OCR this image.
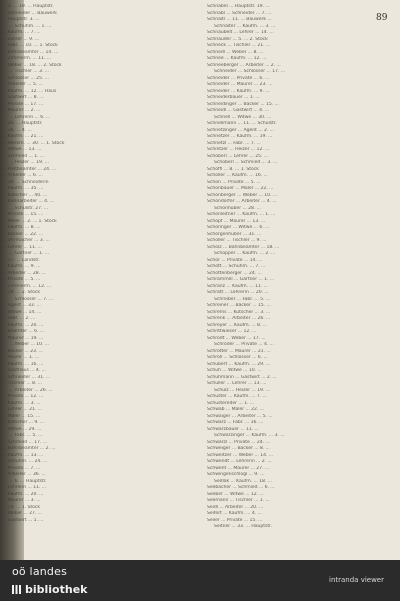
89
... 3. ... 19. ... Hauptstr.
... Schneider ... Bauwerk
... Hauptstr. 3. ...
... Schuhm. ... 1. ...
... Kaufm. ... 7. ...
... Lehrer ... 9. ...
... Fabr. ... 10. ... 1. Stock
... Bahnbeamter ... 14. ...
... Zimmerm. ... 11. ...
... Weber ... 18. ... 2. Stock
... Tischler ... 3. ...
... Schlosser ... 25. ...
... Arbeiter ... 5. ...
... Kaufm. ... 12. ... Haus
... Gastwirt ... 8. ...
... Private ... 17. ...
... Maurer ... 2. ...
... Lehrerin ... 6. ...
... 26. ... Hauptstr.
... 16. ... 4. ...
... Kaufm. ... 21. ...
... Werkm. ... 30. ... 1. Stock
... Witwe ... 13. ...
... Schmied ... 1. ...
... Heizer ... 19. ...
... Postbeamter ... 24. ...
... Arbeiter ... 6. ...
... 34. ... Schneiderin
... Kaufm. ... 35. ...
... Kutscher ... 40. ...
... Bahnarbeiter ... 4. ...
... Schulstr. 27. ...
... Private ... 15. ...
... Maler ... 2. ... 1. Stock
... Kaufm. ... 8. ...
... Bäcker ... 22. ...
... Uhrmacher ... 3. ...
... Lehrer ... 11. ...
... Gärtner ... 1. ...
... 17. ... Landstr.
... Kaufm. ... 9. ...
... Arbeiter ... 28. ...
... Private ... 5. ...
... Zimmerm. ... 12. ...
... 18. ... 2. Stock
... Schlosser ... 7. ...
... Agent ... 33. ...
... Witwe ... 14. ...
... Fabr. ... 2. ...
... Kaufm. ... 20. ...
... Beamter ... 6. ...
... Maurer ... 19. ...
... Weber ... 10. ...
... Bäcker ... 23. ...
... Heizer ... 1. ...
... Kaufm. ... 16. ...
... Gasthaus ... 4. ...
... Schneider ... 31. ...
... Tischler ... 8. ...
... Arbeiter ... 26. ...
... Private ... 12. ...
... Kaufm. ... 3. ...
... Lehrer ... 21. ...
... Maler ... 15. ...
... Kutscher ... 9. ...
... Witwe ... 29. ...
... Fabr. ... 5. ...
... Schmied ... 17. ...
... Bahnbeamter ... 2. ...
... Kaufm. ... 13. ...
... Schuhm. ... 24. ...
... Private ... 7. ...
... Arbeiter ... 36. ...
... 6. ... Hauptstr.
... Lehrerin ... 11. ...
... Kaufm. ... 20. ...
... Maurer ... 3. ...
... 14. ... 1. Stock
... Weber ... 27. ...
... Gastwirt ... 1. ...
Schnabel ... Hauptstr. 19. ...
Schnabl ... Schneider ... 7. ...
Schnaitl ... 11. ... Bauwerk ...
Schnaiter ... Kaufm. ... 3. ...
Schnaubelt ... Lehrer ... 14. ...
Schnauder ... 5. ... 2. Stock
Schneck ... Tischler ... 21. ...
Schnedl ... Weber ... 8. ...
Schnee ... Kaufm. ... 12. ...
Schneeberger ... Arbeiter ... 2. ...
Schneider ... Schlosser ... 17. ...
Schneider ... Private ... 6. ...
Schneider ... Maurer ... 23. ...
Schneider ... Kaufm. ... 9. ...
Schneiderbauer ... 1. ...
Schneidinger ... Bäcker ... 15. ...
Schneidl ... Gastwirt ... 4. ...
Schnell ... Witwe ... 30. ...
Schnellmann ... 11. ... Schulstr.
Schnetzinger ... Agent ... 2. ...
Schnetzer ... Kaufm. ... 19. ...
Schnetzl ... Fabr. ... 7. ...
Schnitzer ... Heizer ... 12. ...
Schöberl ... Lehrer ... 25. ...
Schöberl ... Schmied ... 3. ...
Schöffl ... 8. ... 1. Stock
Schöller ... Kaufm. ... 16. ...
Schön ... Private ... 5. ...
Schönbauer ... Maler ... 22. ...
Schönberger ... Weber ... 10. ...
Schöndorfer ... Arbeiter ... 4. ...
Schönhuber ... 28. ...
Schönleitner ... Kaufm. ... 1. ...
Schöpf ... Maurer ... 13. ...
Schöringer ... Witwe ... 6. ...
Schörgenhuber ... 31. ...
Scholler ... Tischler ... 9. ...
Scholz ... Bahnbeamter ... 18. ...
Schopper ... Kaufm. ... 2. ...
Schor ... Private ... 14. ...
Schott ... Schuhm. ... 7. ...
Schottenberger ... 24. ...
Schrammel ... Gärtner ... 1. ...
Schranz ... Kaufm. ... 11. ...
Schratt ... Lehrerin ... 20. ...
Schreiber ... Fabr. ... 5. ...
Schreiner ... Bäcker ... 15. ...
Schrems ... Kutscher ... 3. ...
Schrenk ... Arbeiter ... 26. ...
Schreyer ... Kaufm. ... 8. ...
Schrittwieser ... 12. ...
Schrodt ... Weber ... 17. ...
Schröder ... Private ... 4. ...
Schrötter ... Maurer ... 21. ...
Schroll ... Schlosser ... 6. ...
Schubert ... Kaufm. ... 29. ...
Schuh ... Witwe ... 10. ...
Schuhmann ... Gastwirt ... 2. ...
Schuller ... Lehrer ... 13. ...
Schulz ... Heizer ... 19. ...
Schuster ... Kaufm. ... 7. ...
Schustereder ... 1. ...
Schwab ... Maler ... 22. ...
Schwaiger ... Arbeiter ... 5. ...
Schwarz ... Fabr. ... 16. ...
Schwarzbauer ... 11. ...
Schwarzinger ... Kaufm. ... 3. ...
Schwarzl ... Private ... 24. ...
Schweiger ... Bäcker ... 8. ...
Schweitzer ... Weber ... 14. ...
Schwendt ... Lehrerin ... 2. ...
Schwent ... Maurer ... 27. ...
Schwingenschlögl ... 9. ...
Sedlak ... Kaufm. ... 18. ...
Seebacher ... Schmied ... 6. ...
Seeber ... Witwe ... 12. ...
Seemann ... Tischler ... 1. ...
Seidl ... Arbeiter ... 20. ...
Seifert ... Kaufm. ... 4. ...
Seiler ... Private ... 15. ...
Seitner ... 33. ... Hauptstr.
oö landes
bibliothek
intranda viewer
